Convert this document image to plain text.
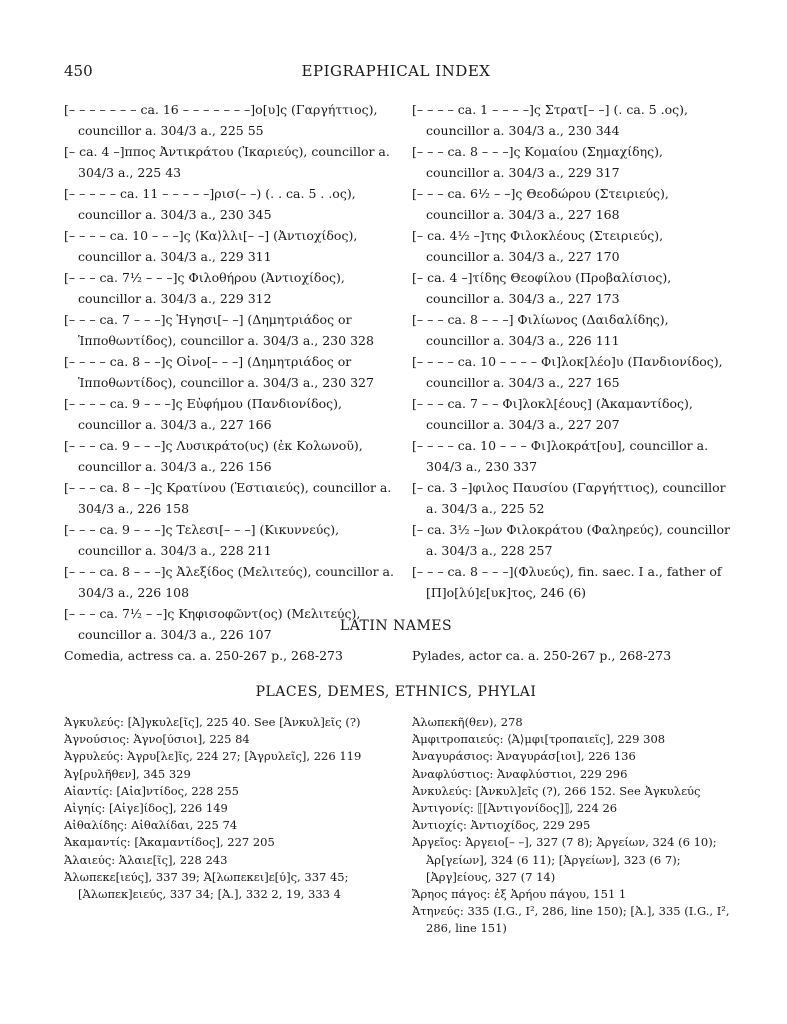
450	EPIGRAPHICAL INDEX
[– – – – – – – ca. 16 – – – – – – –]ο[υ]ς (Γαργήττιος), councillor a. 304/3 a., 225 55
[– ca. 4 –]ππος Ἀντικράτου (Ἰκαριεύς), councillor a. 304/3 a., 225 43
[– – – – – ca. 11 – – – – –]ρισ(– –) (. . ca. 5 . .ος), councillor a. 304/3 a., 230 345
[– – – – ca. 10 – – –]ς ⟨Κα⟩λλι[– –] (Ἀντιοχίδος), councillor a. 304/3 a., 229 311
[– – – ca. 7½ – – –]ς Φιλοθήρου (Ἀντιοχίδος), councillor a. 304/3 a., 229 312
[– – – ca. 7 – – –]ς Ἡγησι[– –] (Δημητριάδος or Ἱπποθωντίδος), councillor a. 304/3 a., 230 328
[– – – – ca. 8 – –]ς Οἰνο[– – –] (Δημητριάδος or Ἱπποθωντίδος), councillor a. 304/3 a., 230 327
[– – – – ca. 9 – – –]ς Εὐφήμου (Πανδιονίδος), councillor a. 304/3 a., 227 166
[– – – ca. 9 – – –]ς Λυσικράτο(υς) (ἐκ Κολωνοῦ), councillor a. 304/3 a., 226 156
[– – – ca. 8 – –]ς Κρατίνου (Ἑστιαιεύς), councillor a. 304/3 a., 226 158
[– – – ca. 9 – – –]ς Τελεσι[– – –] (Κικυννεύς), councillor a. 304/3 a., 228 211
[– – – ca. 8 – – –]ς Ἀλεξίδος (Μελιτεύς), councillor a. 304/3 a., 226 108
[– – – ca. 7½ – –]ς Κηφισοφῶντ(ος) (Μελιτεύς), councillor a. 304/3 a., 226 107
[– – – – ca. 1 – – – –]ς Στρατ[– –] (. ca. 5 .ος), councillor a. 304/3 a., 230 344
[– – – ca. 8 – – –]ς Κομαίου (Σημαχίδης), councillor a. 304/3 a., 229 317
[– – – ca. 6½ – –]ς Θεοδώρου (Στειριεύς), councillor a. 304/3 a., 227 168
[– ca. 4½ –]της Φιλοκλέους (Στειριεύς), councillor a. 304/3 a., 227 170
[– ca. 4 –]τίδης Θεοφίλου (Προβαλίσιος), councillor a. 304/3 a., 227 173
[– – – ca. 8 – – –] Φιλίωνος (Δαιδαλίδης), councillor a. 304/3 a., 226 111
[– – – – ca. 10 – – – – Φι]λοκ[λέο]υ (Πανδιονίδος), councillor a. 304/3 a., 227 165
[– – – ca. 7 – – Φι]λοκλ[έους] (Ἀκαμαντίδος), councillor a. 304/3 a., 227 207
[– – – – ca. 10 – – – Φι]λοκράτ[ου], councillor a. 304/3 a., 230 337
[– ca. 3 –]φιλος Παυσίου (Γαργήττιος), councillor a. 304/3 a., 225 52
[– ca. 3½ –]ων Φιλοκράτου (Φαληρεύς), councillor a. 304/3 a., 228 257
[– – – ca. 8 – – –](Φλυεύς), fin. saec. I a., father of [Π]ο[λύ]ε[υκ]τος, 246 (6)
LATIN NAMES
Comedia, actress ca. a. 250-267 p., 268-273	Pylades, actor ca. a. 250-267 p., 268-273
PLACES, DEMES, ETHNICS, PHYLAI
Ἀγκυλεύς: [Ἀ]γκυλε[ῖς], 225 40. See [Ἀνκυλ]εῖς (?)
Ἀγνούσιος: Ἀγνο[ύσιοι], 225 84
Ἀγρυλεύς: Ἀγρυ[λε]ῖς, 224 27; [Ἀγρυλεῖς], 226 119
Ἀγ[ρυλῆθεν], 345 329
Αἰαντίς: [Αἰα]ντίδος, 228 255
Αἰγηίς: [Αἰγε]ίδος], 226 149
Αἰθαλίδης: Αἰθαλίδαι, 225 74
Ἀκαμαντίς: [Ἀκαμαντίδος], 227 205
Ἁλαιεύς: Ἁλαιε[ῖς], 228 243
Ἀλωπεκε[ιεύς], 337 39; Ἀ[λωπεκει]ε[ύ]ς, 337 45; [Ἀλωπεκ]ειεύς, 337 34; [Ἀ.], 332 2, 19, 333 4
Ἀλωπεκῆ(θεν), 278
Ἀμφιτροπαιεύς: ⟨Ἀ⟩μφι[τροπαιεῖς], 229 308
Ἀναγυράσιος: Ἀναγυράσ[ιοι], 226 136
Ἀναφλύστιος: Ἀναφλύστιοι, 229 296
Ἀνκυλεύς: [Ἀνκυλ]εῖς (?), 266 152. See Ἀγκυλεύς
Ἀντιγονίς: ⟦[Ἀντιγονίδος]⟧, 224 26
Ἀντιοχίς: Ἀντιοχίδος, 229 295
Ἀργεῖος: Ἀργειο[– –], 327 (7 8); Ἀργείων, 324 (6 10); Ἀρ[γείων], 324 (6 11); [Ἀργείων], 323 (6 7); [Ἀργ]είους, 327 (7 14)
Ἄρηος πάγος: ἐξ Ἀρήου πάγου, 151 1
Ἀτηνεύς: 335 (I.G., I², 286, line 150); [Ἀ.], 335 (I.G., I², 286, line 151)
